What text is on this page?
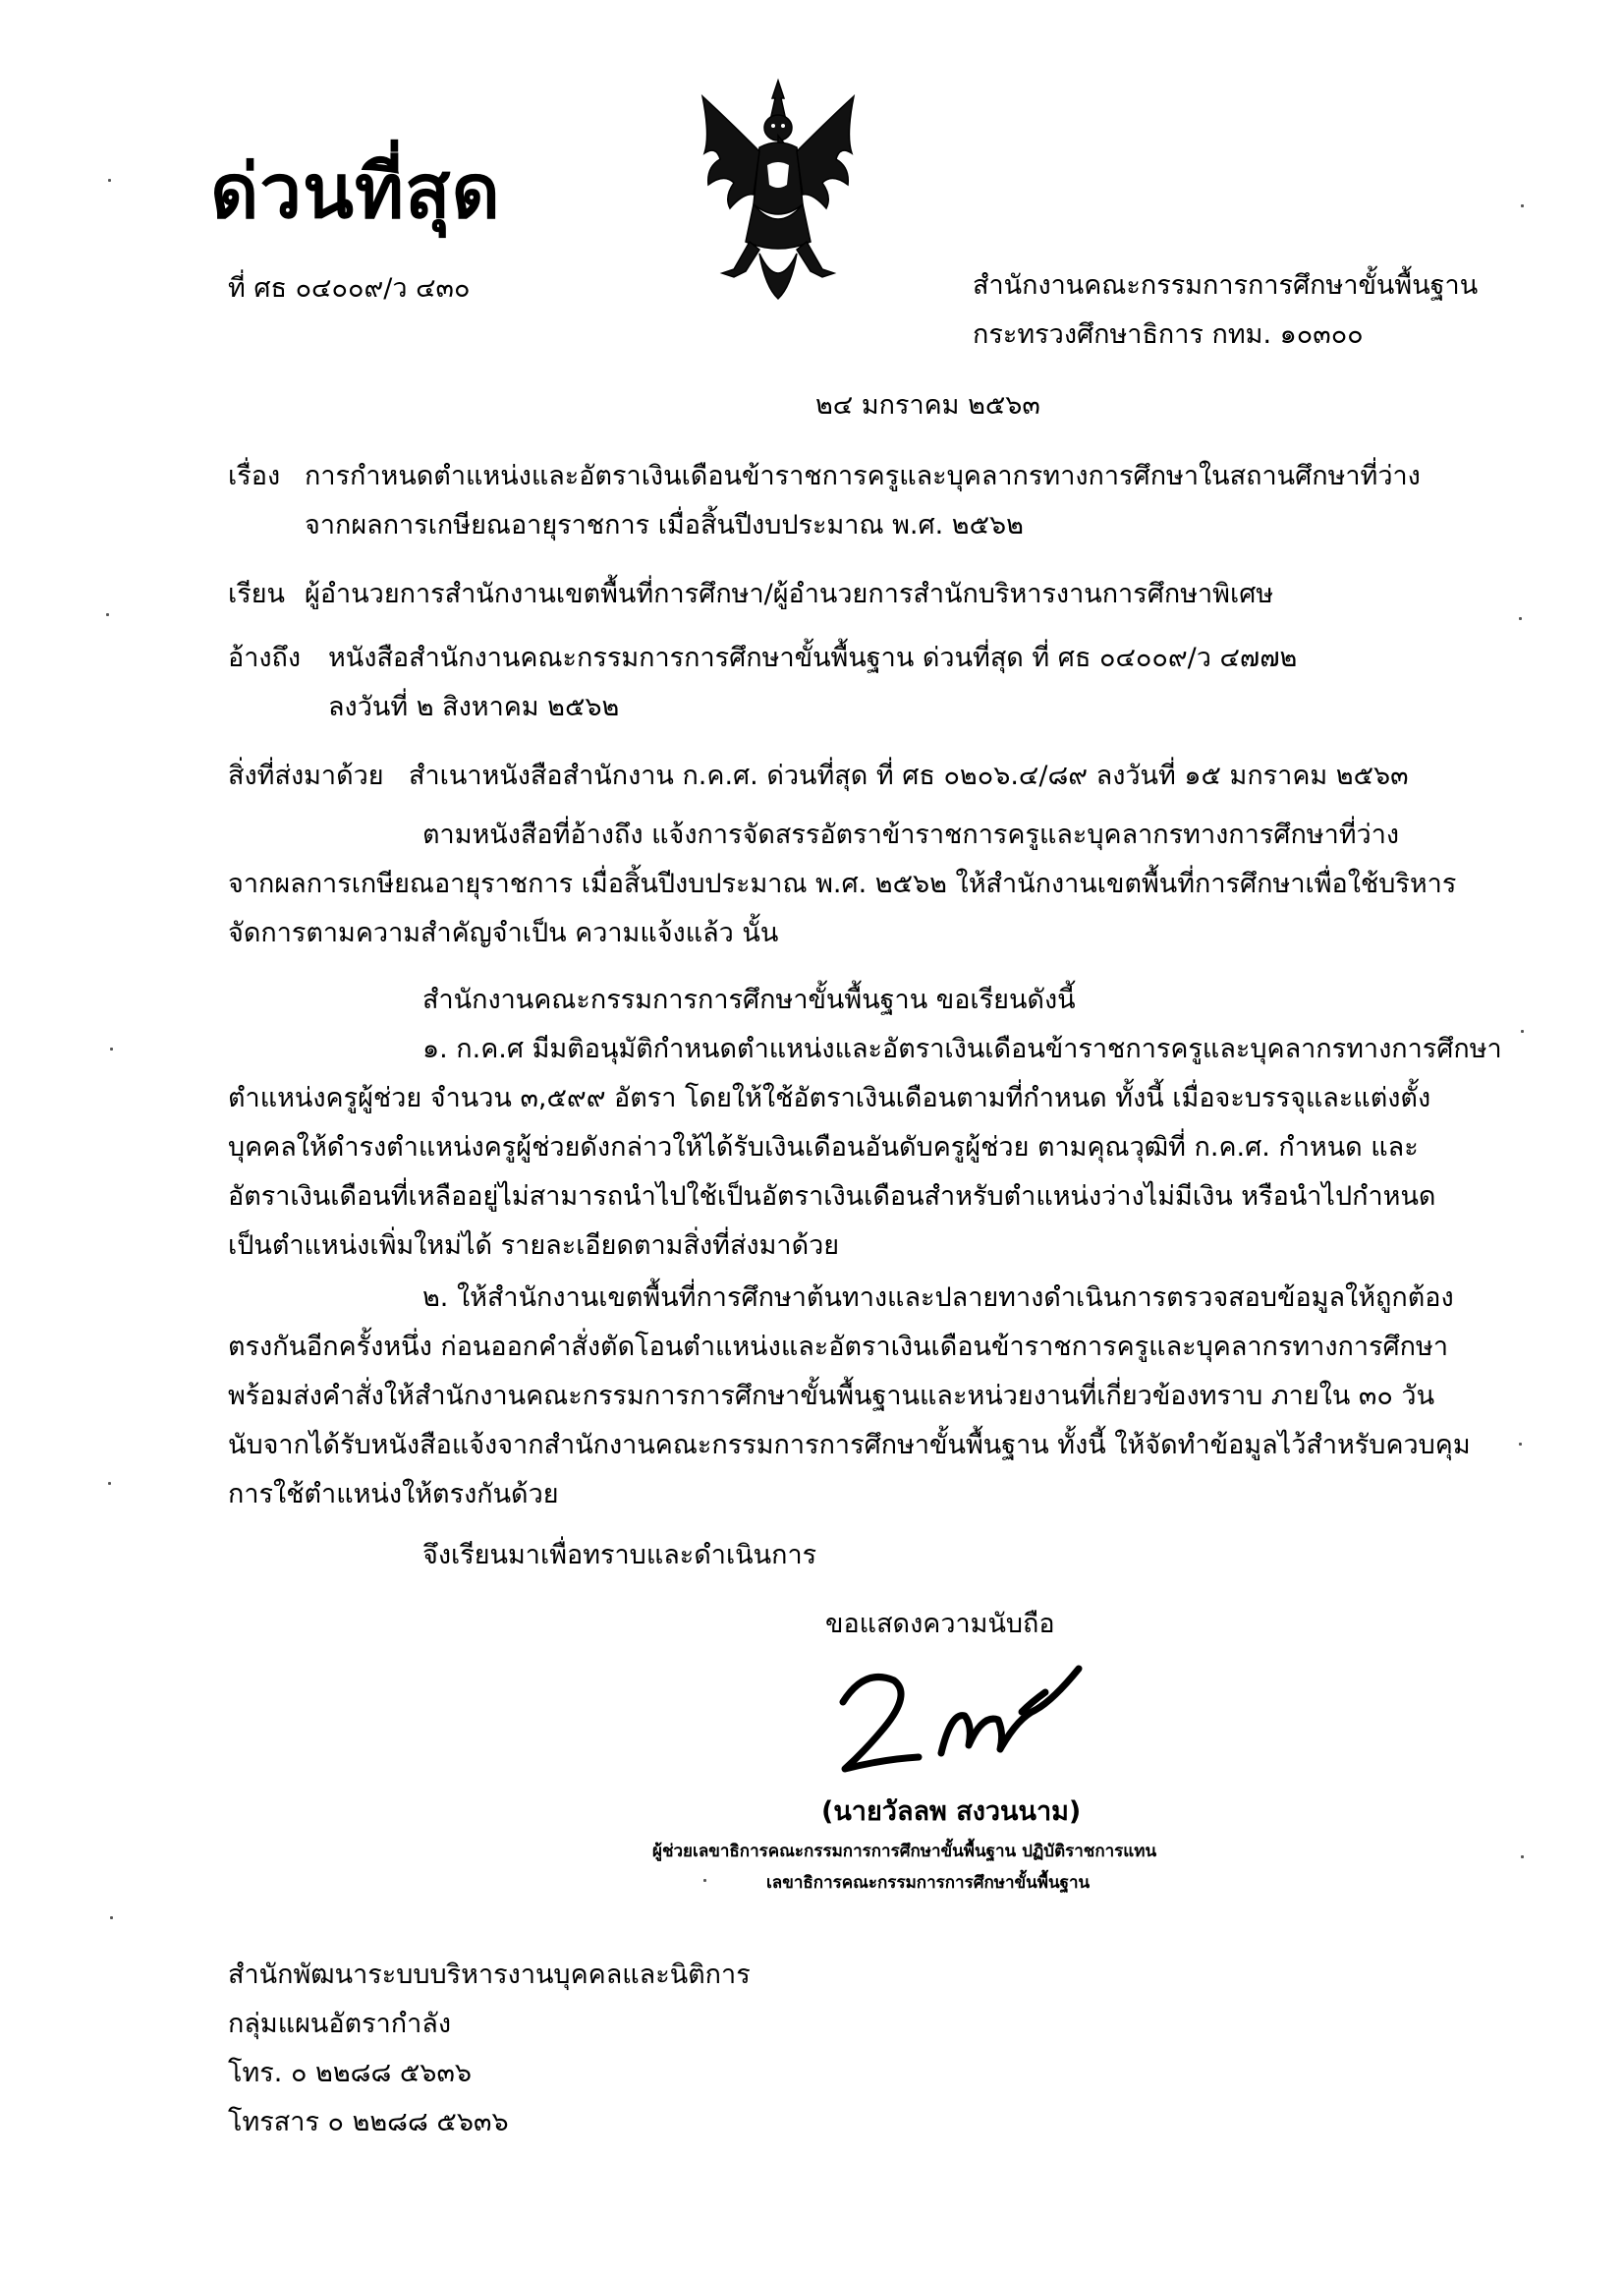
ด่วนที่สุด
ที่ ศธ ๐๔๐๐๙/ว ๔๓๐	สำนักงานคณะกรรมการการศึกษาขั้นพื้นฐาน
กระทรวงศึกษาธิการ กทม. ๑๐๓๐๐
๒๔ มกราคม ๒๕๖๓
เรื่อง การกำหนดตำแหน่งและอัตราเงินเดือนข้าราชการครูและบุคลากรทางการศึกษาในสถานศึกษาที่ว่าง
จากผลการเกษียณอายุราชการ เมื่อสิ้นปีงบประมาณ พ.ศ. ๒๕๖๒
เรียน ผู้อำนวยการสำนักงานเขตพื้นที่การศึกษา/ผู้อำนวยการสำนักบริหารงานการศึกษาพิเศษ
อ้างถึง หนังสือสำนักงานคณะกรรมการการศึกษาขั้นพื้นฐาน ด่วนที่สุด ที่ ศธ ๐๔๐๐๙/ว ๔๗๗๒
ลงวันที่ ๒ สิงหาคม ๒๕๖๒
สิ่งที่ส่งมาด้วย สำเนาหนังสือสำนักงาน ก.ค.ศ. ด่วนที่สุด ที่ ศธ ๐๒๐๖.๔/๘๙ ลงวันที่ ๑๕ มกราคม ๒๕๖๓
ตามหนังสือที่อ้างถึง แจ้งการจัดสรรอัตราข้าราชการครูและบุคลากรทางการศึกษาที่ว่าง
จากผลการเกษียณอายุราชการ เมื่อสิ้นปีงบประมาณ พ.ศ. ๒๕๖๒ ให้สำนักงานเขตพื้นที่การศึกษาเพื่อใช้บริหาร
จัดการตามความสำคัญจำเป็น ความแจ้งแล้ว นั้น
สำนักงานคณะกรรมการการศึกษาขั้นพื้นฐาน ขอเรียนดังนี้
๑. ก.ค.ศ มีมติอนุมัติกำหนดตำแหน่งและอัตราเงินเดือนข้าราชการครูและบุคลากรทางการศึกษา
ตำแหน่งครูผู้ช่วย จำนวน ๓,๕๙๙ อัตรา โดยให้ใช้อัตราเงินเดือนตามที่กำหนด ทั้งนี้ เมื่อจะบรรจุและแต่งตั้ง
บุคคลให้ดำรงตำแหน่งครูผู้ช่วยดังกล่าวให้ได้รับเงินเดือนอันดับครูผู้ช่วย ตามคุณวุฒิที่ ก.ค.ศ. กำหนด และ
อัตราเงินเดือนที่เหลืออยู่ไม่สามารถนำไปใช้เป็นอัตราเงินเดือนสำหรับตำแหน่งว่างไม่มีเงิน หรือนำไปกำหนด
เป็นตำแหน่งเพิ่มใหม่ได้ รายละเอียดตามสิ่งที่ส่งมาด้วย
๒. ให้สำนักงานเขตพื้นที่การศึกษาต้นทางและปลายทางดำเนินการตรวจสอบข้อมูลให้ถูกต้อง
ตรงกันอีกครั้งหนึ่ง ก่อนออกคำสั่งตัดโอนตำแหน่งและอัตราเงินเดือนข้าราชการครูและบุคลากรทางการศึกษา
พร้อมส่งคำสั่งให้สำนักงานคณะกรรมการการศึกษาขั้นพื้นฐานและหน่วยงานที่เกี่ยวข้องทราบ ภายใน ๓๐ วัน
นับจากได้รับหนังสือแจ้งจากสำนักงานคณะกรรมการการศึกษาขั้นพื้นฐาน ทั้งนี้ ให้จัดทำข้อมูลไว้สำหรับควบคุม
การใช้ตำแหน่งให้ตรงกันด้วย
จึงเรียนมาเพื่อทราบและดำเนินการ
ขอแสดงความนับถือ
(นายวัลลพ สงวนนาม)
ผู้ช่วยเลขาธิการคณะกรรมการการศึกษาขั้นพื้นฐาน ปฏิบัติราชการแทน
เลขาธิการคณะกรรมการการศึกษาขั้นพื้นฐาน
สำนักพัฒนาระบบบริหารงานบุคคลและนิติการ
กลุ่มแผนอัตรากำลัง
โทร. ๐ ๒๒๘๘ ๕๖๓๖
โทรสาร ๐ ๒๒๘๘ ๕๖๓๖
